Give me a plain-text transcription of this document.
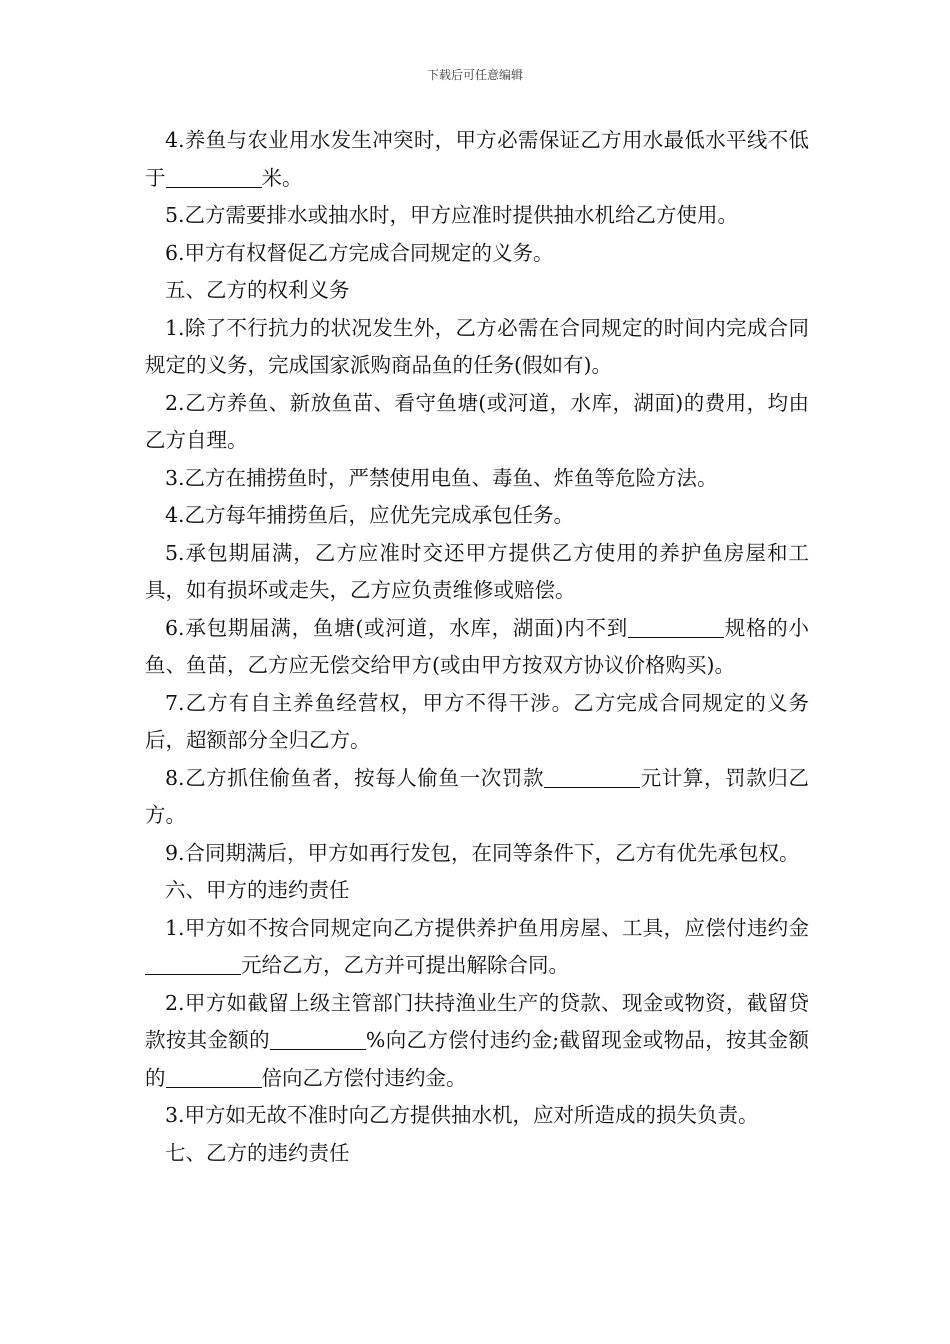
下载后可任意编辑

4.养鱼与农业用水发生冲突时，甲方必需保证乙方用水最低水平线不低于	米。

5.乙方需要排水或抽水时，甲方应准时提供抽水机给乙方使用。

6.甲方有权督促乙方完成合同规定的义务。

五、乙方的权利义务

1.除了不行抗力的状况发生外，乙方必需在合同规定的时间内完成合同规定的义务，完成国家派购商品鱼的任务(假如有)。

2.乙方养鱼、新放鱼苗、看守鱼塘(或河道，水库，湖面)的费用，均由乙方自理。

3.乙方在捕捞鱼时，严禁使用电鱼、毒鱼、炸鱼等危险方法。

4.乙方每年捕捞鱼后，应优先完成承包任务。

5.承包期届满，乙方应准时交还甲方提供乙方使用的养护鱼房屋和工具，如有损坏或走失，乙方应负责维修或赔偿。

6.承包期届满，鱼塘(或河道，水库，湖面)内不到	规格的小鱼、鱼苗，乙方应无偿交给甲方(或由甲方按双方协议价格购买)。

7.乙方有自主养鱼经营权，甲方不得干涉。乙方完成合同规定的义务后，超额部分全归乙方。

8.乙方抓住偷鱼者，按每人偷鱼一次罚款	元计算，罚款归乙方。

9.合同期满后，甲方如再行发包，在同等条件下，乙方有优先承包权。

六、甲方的违约责任

1.甲方如不按合同规定向乙方提供养护鱼用房屋、工具，应偿付违约金元给乙方，乙方并可提出解除合同。

2.甲方如截留上级主管部门扶持渔业生产的贷款、现金或物资，截留贷款按其金额的	%向乙方偿付违约金;截留现金或物品，按其金额的	倍向乙方偿付违约金。

3.甲方如无故不准时向乙方提供抽水机，应对所造成的损失负责。

七、乙方的违约责任
